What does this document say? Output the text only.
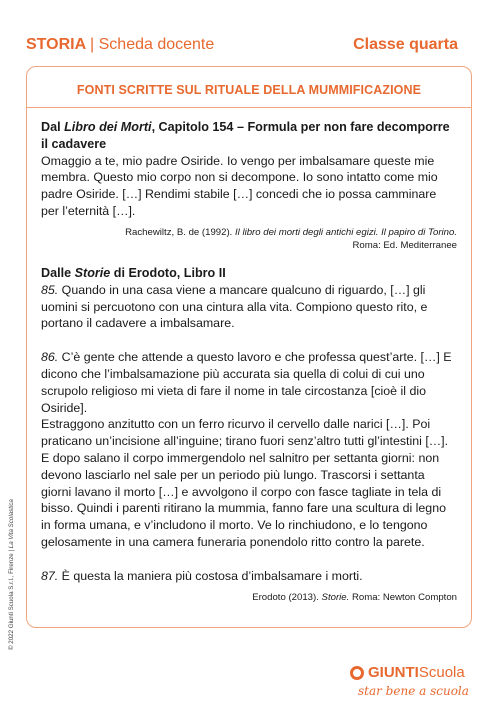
STORIA | Scheda docente	Classe quarta
FONTI SCRITTE SUL RITUALE DELLA MUMMIFICAZIONE

Dal Libro dei Morti, Capitolo 154 – Formula per non fare decomporre il cadavere

Omaggio a te, mio padre Osiride. Io vengo per imbalsamare queste mie membra. Questo mio corpo non si decompone. Io sono intatto come mio padre Osiride. […] Rendimi stabile […] concedi che io possa camminare per l’eternità […].

Rachewiltz, B. de (1992). Il libro dei morti degli antichi egizi. Il papiro di Torino.
Roma: Ed. Mediterranee

Dalle Storie di Erodoto, Libro II

85. Quando in una casa viene a mancare qualcuno di riguardo, […] gli uomini si percuotono con una cintura alla vita. Compiono questo rito, e portano il cadavere a imbalsamare.

86. C’è gente che attende a questo lavoro e che professa quest’arte. […] E dicono che l’imbalsamazione più accurata sia quella di colui di cui uno scrupolo religioso mi vieta di fare il nome in tale circostanza [cioè il dio Osiride].

Estraggono anzitutto con un ferro ricurvo il cervello dalle narici […]. Poi praticano un’incisione all’inguine; tirano fuori senz’altro tutti gl’intestini […]. E dopo salano il corpo immergendolo nel salnitro per settanta giorni: non devono lasciarlo nel sale per un periodo più lungo. Trascorsi i settanta giorni lavano il morto […] e avvolgono il corpo con fasce tagliate in tela di bisso. Quindi i parenti ritirano la mummia, fanno fare una scultura di legno in forma umana, e v’includono il morto. Ve lo rinchiudono, e lo tengono gelosamente in una camera funeraria ponendolo ritto contro la parete.

87. È questa la maniera più costosa d’imbalsamare i morti.

Erodoto (2013). Storie. Roma: Newton Compton

© 2022 Giunti Scuola S.r.l., Firenze | La Vita Scolastica
GIUNTIScuola
star bene a scuola
